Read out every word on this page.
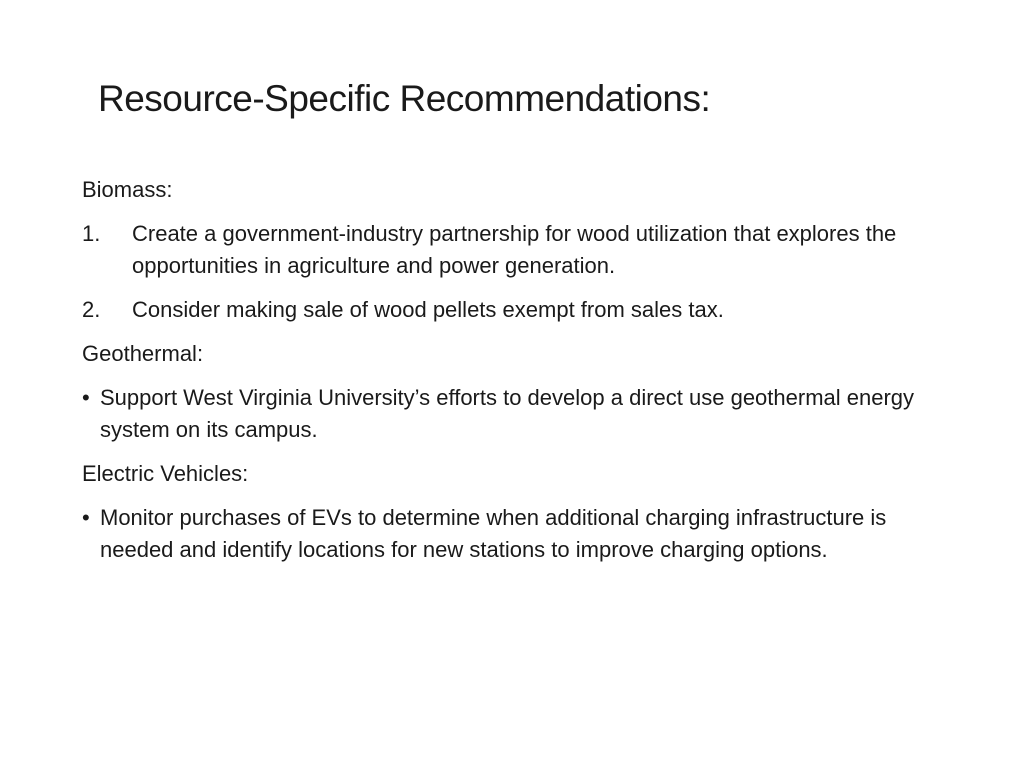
Resource-Specific Recommendations:
Biomass:
1.	Create a government-industry partnership for wood utilization that explores the opportunities in agriculture and power generation.
2.	Consider making sale of wood pellets exempt from sales tax.
Geothermal:
• Support West Virginia University’s efforts to develop a direct use geothermal energy system on its campus.
Electric Vehicles:
• Monitor purchases of EVs to determine when additional charging infrastructure is needed and identify locations for new stations to improve charging options.
